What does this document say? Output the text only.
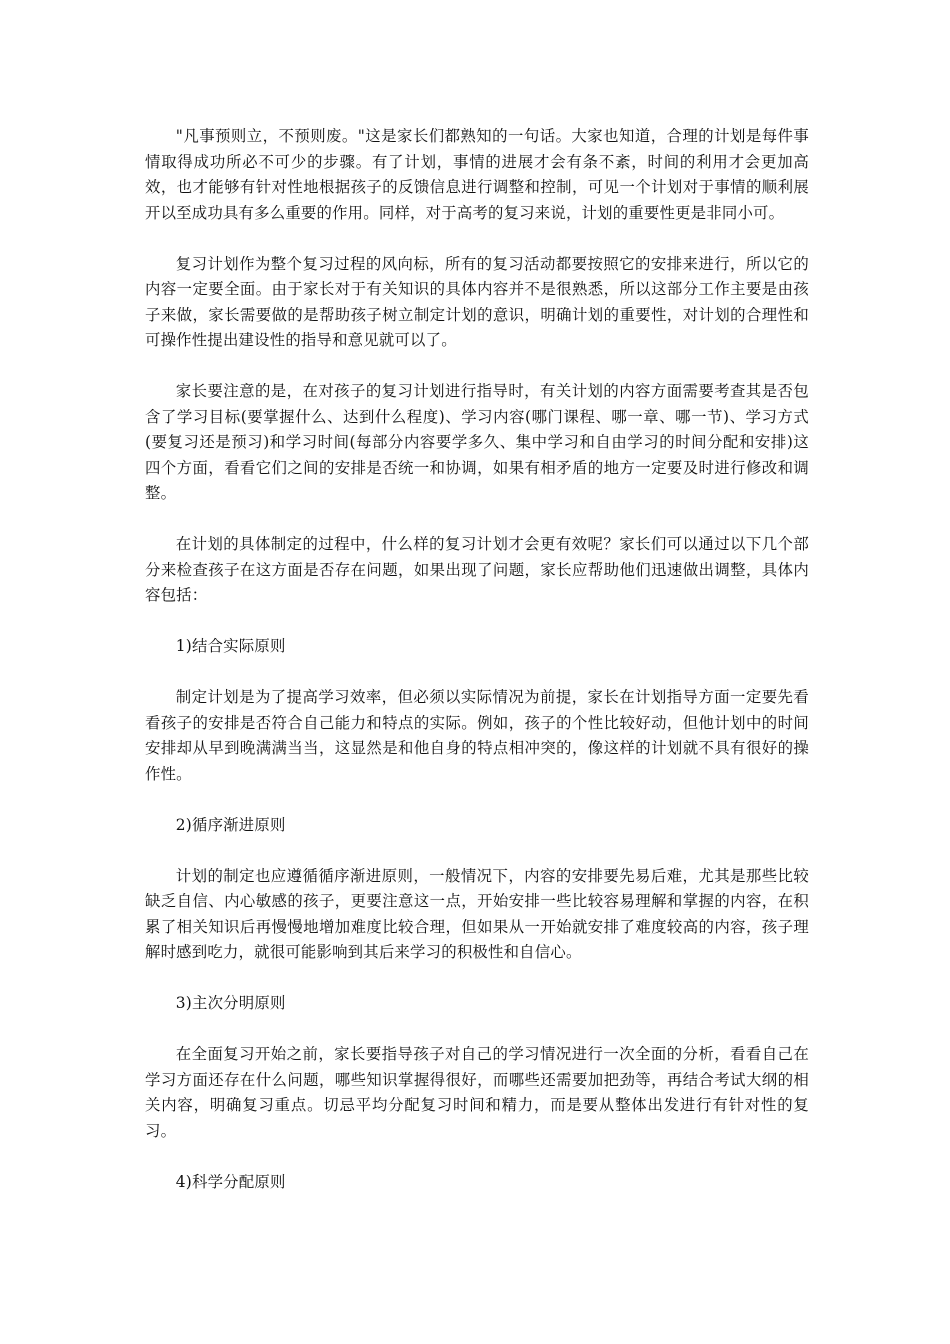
"凡事预则立，不预则废。"这是家长们都熟知的一句话。大家也知道，合理的计划是每件事情取得成功所必不可少的步骤。有了计划，事情的进展才会有条不紊，时间的利用才会更加高效，也才能够有针对性地根据孩子的反馈信息进行调整和控制，可见一个计划对于事情的顺利展开以至成功具有多么重要的作用。同样，对于高考的复习来说，计划的重要性更是非同小可。

复习计划作为整个复习过程的风向标，所有的复习活动都要按照它的安排来进行，所以它的内容一定要全面。由于家长对于有关知识的具体内容并不是很熟悉，所以这部分工作主要是由孩子来做，家长需要做的是帮助孩子树立制定计划的意识，明确计划的重要性，对计划的合理性和可操作性提出建设性的指导和意见就可以了。

家长要注意的是，在对孩子的复习计划进行指导时，有关计划的内容方面需要考查其是否包含了学习目标(要掌握什么、达到什么程度)、学习内容(哪门课程、哪一章、哪一节)、学习方式(要复习还是预习)和学习时间(每部分内容要学多久、集中学习和自由学习的时间分配和安排)这四个方面，看看它们之间的安排是否统一和协调，如果有相矛盾的地方一定要及时进行修改和调整。

在计划的具体制定的过程中，什么样的复习计划才会更有效呢？家长们可以通过以下几个部分来检查孩子在这方面是否存在问题，如果出现了问题，家长应帮助他们迅速做出调整，具体内容包括：

1)结合实际原则

制定计划是为了提高学习效率，但必须以实际情况为前提，家长在计划指导方面一定要先看看孩子的安排是否符合自己能力和特点的实际。例如，孩子的个性比较好动，但他计划中的时间安排却从早到晚满满当当，这显然是和他自身的特点相冲突的，像这样的计划就不具有很好的操作性。

2)循序渐进原则

计划的制定也应遵循循序渐进原则，一般情况下，内容的安排要先易后难，尤其是那些比较缺乏自信、内心敏感的孩子，更要注意这一点，开始安排一些比较容易理解和掌握的内容，在积累了相关知识后再慢慢地增加难度比较合理，但如果从一开始就安排了难度较高的内容，孩子理解时感到吃力，就很可能影响到其后来学习的积极性和自信心。

3)主次分明原则

在全面复习开始之前，家长要指导孩子对自己的学习情况进行一次全面的分析，看看自己在学习方面还存在什么问题，哪些知识掌握得很好，而哪些还需要加把劲等，再结合考试大纲的相关内容，明确复习重点。切忌平均分配复习时间和精力，而是要从整体出发进行有针对性的复习。

4)科学分配原则
